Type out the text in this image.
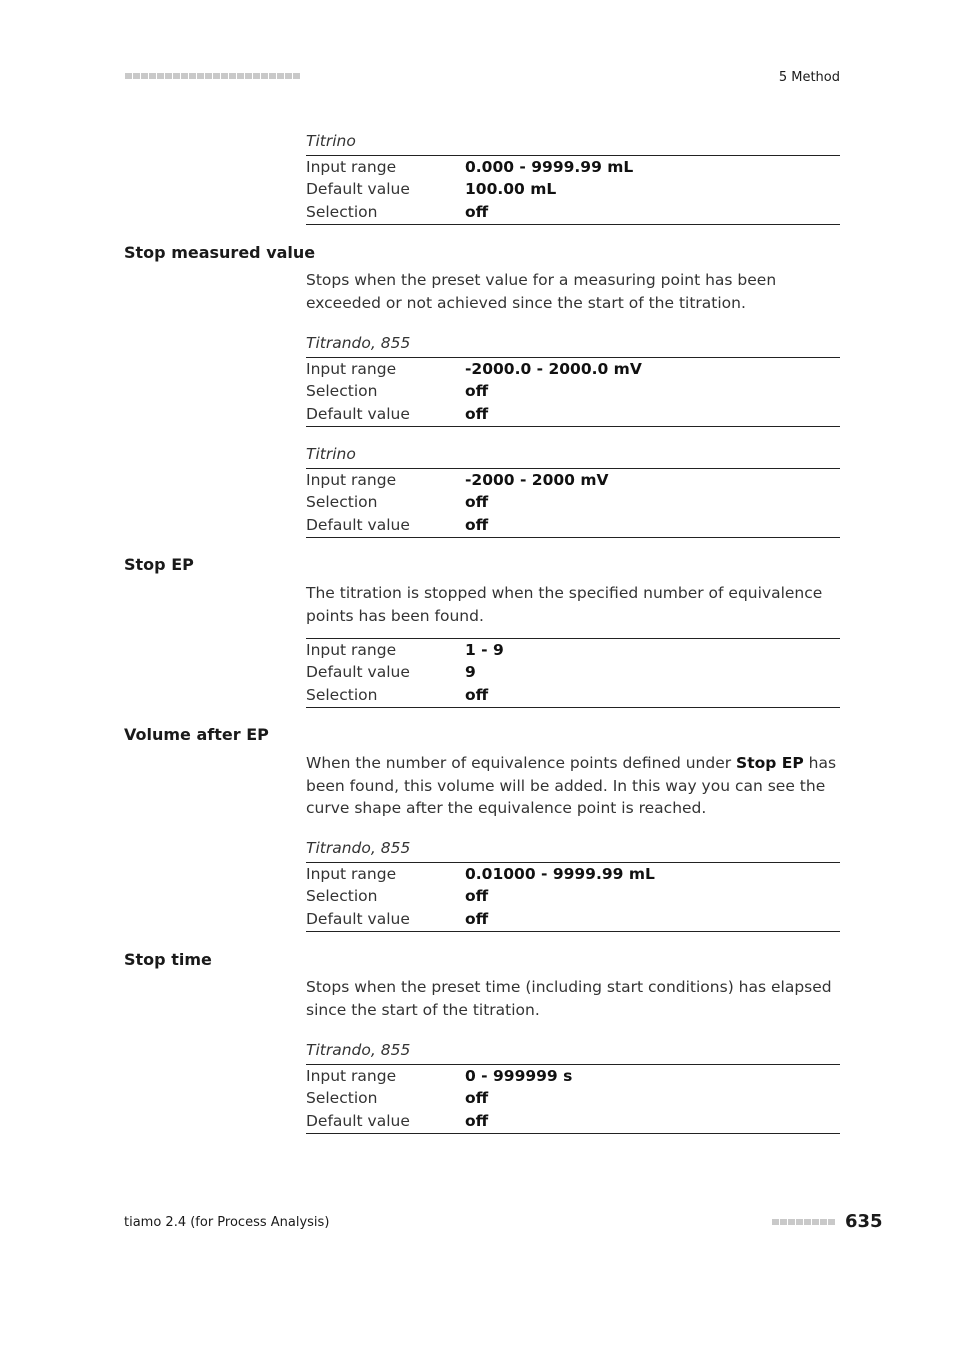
5 Method
Titrino
Input range	0.000 - 9999.99 mL
Default value	100.00 mL
Selection	off
Stop measured value
Stops when the preset value for a measuring point has been exceeded or not achieved since the start of the titration.
Titrando, 855
Input range	-2000.0 - 2000.0 mV
Selection	off
Default value	off
Titrino
Input range	-2000 - 2000 mV
Selection	off
Default value	off
Stop EP
The titration is stopped when the specified number of equivalence points has been found.
Input range	1 - 9
Default value	9
Selection	off
Volume after EP
When the number of equivalence points defined under Stop EP has been found, this volume will be added. In this way you can see the curve shape after the equivalence point is reached.
Titrando, 855
Input range	0.01000 - 9999.99 mL
Selection	off
Default value	off
Stop time
Stops when the preset time (including start conditions) has elapsed since the start of the titration.
Titrando, 855
Input range	0 - 999999 s
Selection	off
Default value	off
tiamo 2.4 (for Process Analysis)	635
